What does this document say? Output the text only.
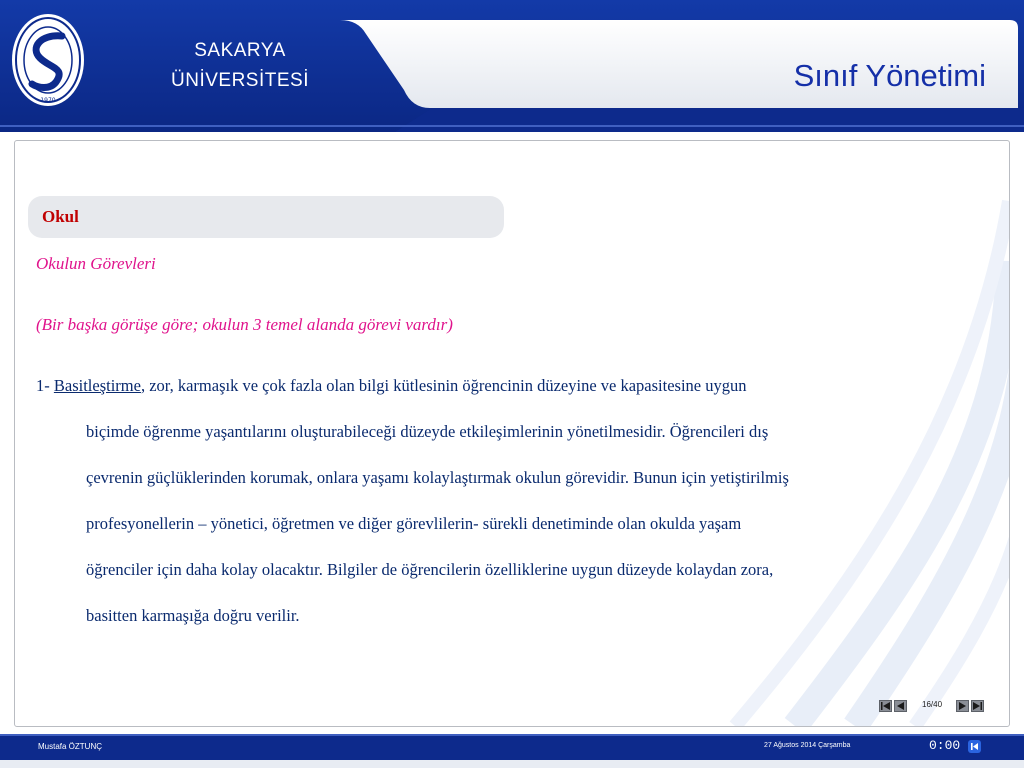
1970
SAKARYA
ÜNİVERSİTESİ	Sınıf Yönetimi
Okul
Okulun Görevleri
(Bir başka görüşe göre; okulun 3 temel alanda görevi vardır)
1- Basitleştirme, zor, karmaşık ve çok fazla olan bilgi kütlesinin öğrencinin düzeyine ve kapasitesine uygun
biçimde öğrenme yaşantılarını oluşturabileceği düzeyde etkileşimlerinin yönetilmesidir. Öğrencileri dış
çevrenin güçlüklerinden korumak, onlara yaşamı kolaylaştırmak okulun görevidir. Bunun için yetiştirilmiş
profesyonellerin – yönetici, öğretmen ve diğer görevlilerin- sürekli denetiminde olan okulda yaşam
öğrenciler için daha kolay olacaktır. Bilgiler de öğrencilerin özelliklerine uygun düzeyde kolaydan zora,
basitten karmaşığa doğru verilir.
16/40
Mustafa ÖZTUNÇ	27 Ağustos 2014 Çarşamba	0:00
